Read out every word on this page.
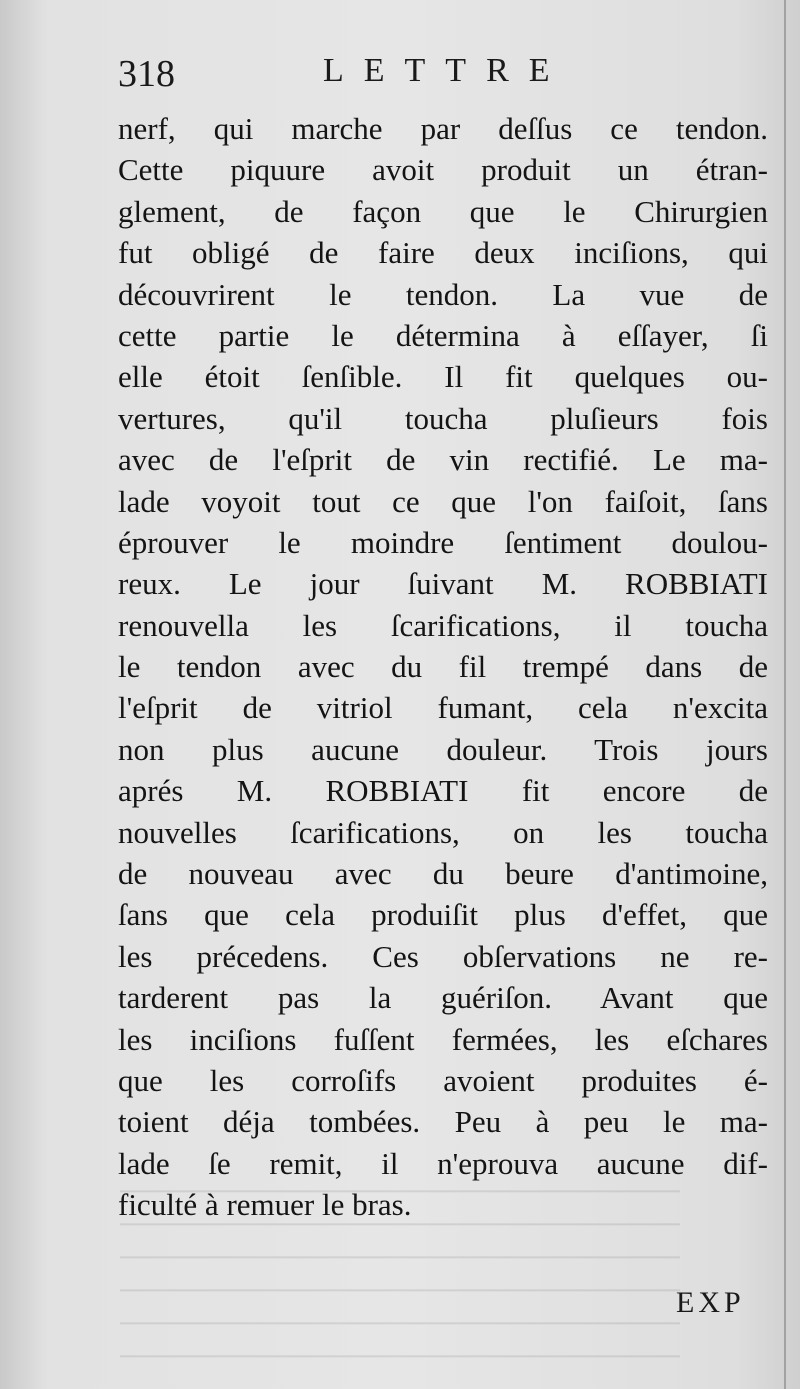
318	LETTRE
nerf, qui marche par deſſus ce tendon.
Cette piquure avoit produit un étran-
glement, de façon que le Chirurgien
fut obligé de faire deux inciſions, qui
découvrirent le tendon. La vue de
cette partie le détermina à eſſayer, ſi
elle étoit ſenſible. Il fit quelques ou-
vertures, qu'il toucha pluſieurs fois
avec de l'eſprit de vin rectifié. Le ma-
lade voyoit tout ce que l'on faiſoit, ſans
éprouver le moindre ſentiment doulou-
reux. Le jour ſuivant M. ROBBIATI
renouvella les ſcarifications, il toucha
le tendon avec du fil trempé dans de
l'eſprit de vitriol fumant, cela n'excita
non plus aucune douleur. Trois jours
aprés M. ROBBIATI fit encore de
nouvelles ſcarifications, on les toucha
de nouveau avec du beure d'antimoine,
ſans que cela produiſit plus d'effet, que
les précedens. Ces obſervations ne re-
tarderent pas la guériſon. Avant que
les inciſions fuſſent fermées, les eſchares
que les corroſifs avoient produites é-
toient déja tombées. Peu à peu le ma-
lade ſe remit, il n'eprouva aucune dif-
ficulté à remuer le bras.
EXP
